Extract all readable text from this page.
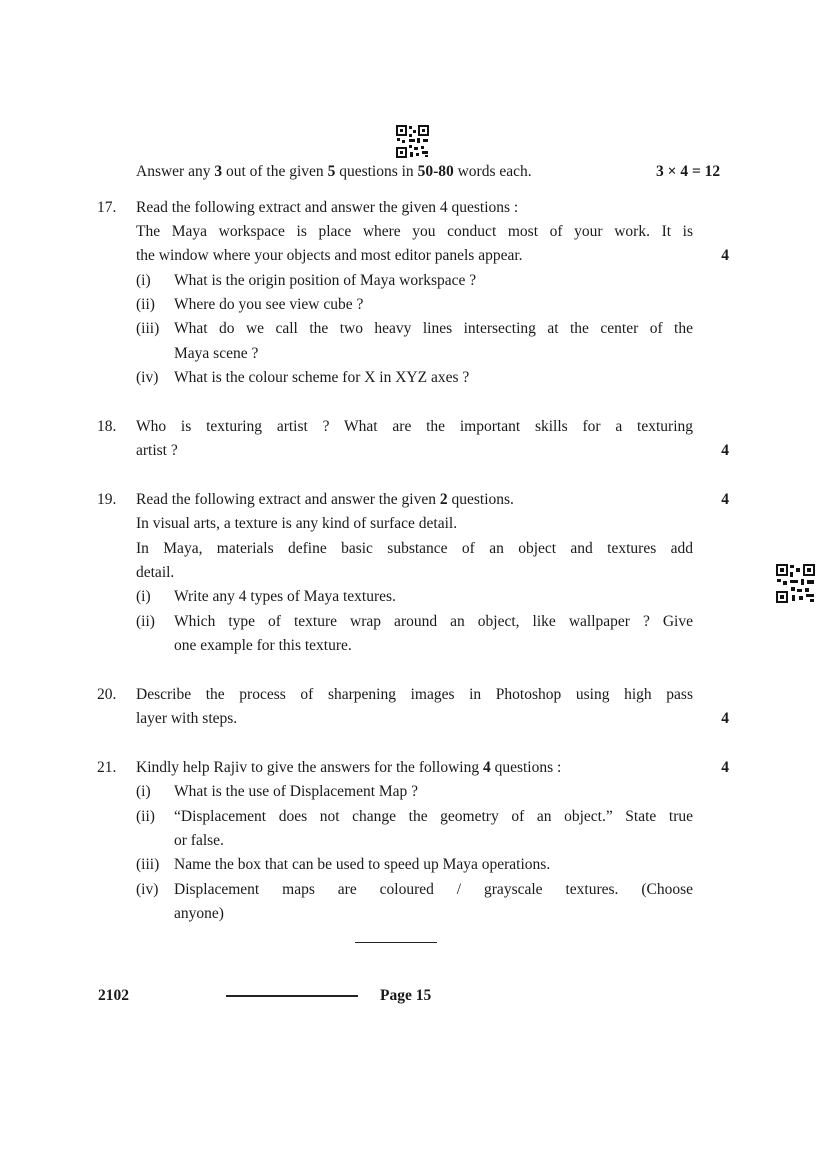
Answer any 3 out of the given 5 questions in 50-80 words each.	3 × 4 = 12
17. Read the following extract and answer the given 4 questions :
The Maya workspace is place where you conduct most of your work. It is
the window where your objects and most editor panels appear.	4
(i) What is the origin position of Maya workspace ?
(ii) Where do you see view cube ?
(iii) What do we call the two heavy lines intersecting at the center of the
Maya scene ?
(iv) What is the colour scheme for X in XYZ axes ?
18. Who is texturing artist ? What are the important skills for a texturing
artist ?	4
19. Read the following extract and answer the given 2 questions.	4
In visual arts, a texture is any kind of surface detail.
In Maya, materials define basic substance of an object and textures add
detail.
(i) Write any 4 types of Maya textures.
(ii) Which type of texture wrap around an object, like wallpaper ? Give
one example for this texture.
20. Describe the process of sharpening images in Photoshop using high pass
layer with steps.	4
21. Kindly help Rajiv to give the answers for the following 4 questions :	4
(i) What is the use of Displacement Map ?
(ii) “Displacement does not change the geometry of an object.” State true
or false.
(iii) Name the box that can be used to speed up Maya operations.
(iv) Displacement maps are coloured / grayscale textures. (Choose
anyone)
2102	Page 15
